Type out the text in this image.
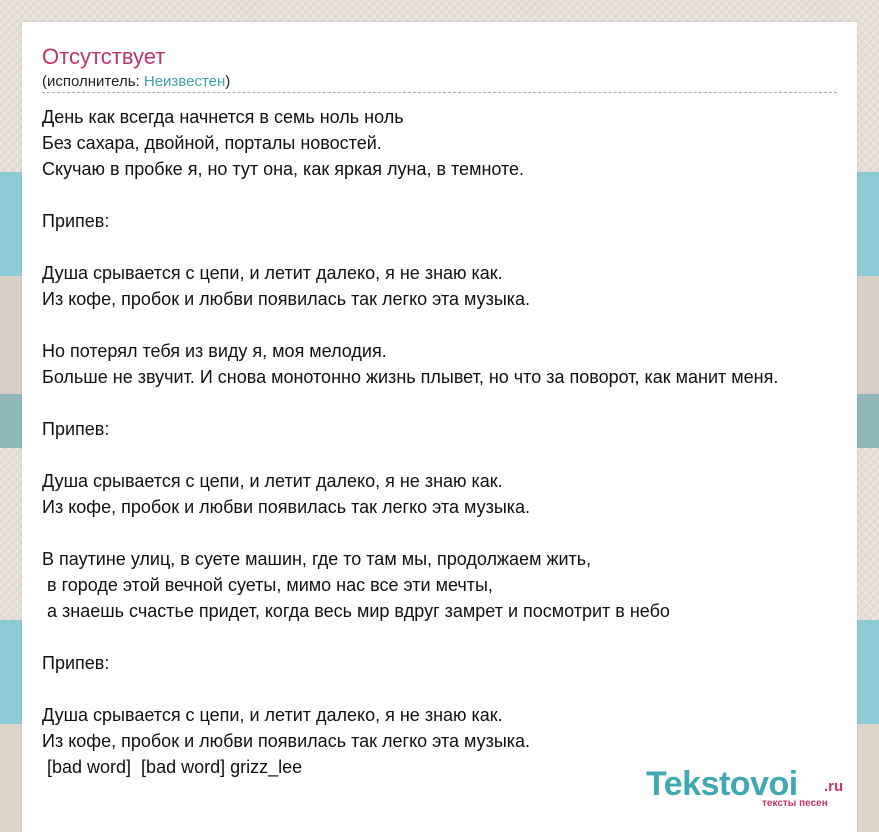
Отсутствует
(исполнитель: Неизвестен)
День как всегда начнется в семь ноль ноль
Без сахара, двойной, порталы новостей.
Скучаю в пробке я, но тут она, как яркая луна, в темноте.
Припев:
Душа срывается с цепи, и летит далеко, я не знаю как.
Из кофе, пробок и любви появилась так легко эта музыка.
Но потерял тебя из виду я, моя мелодия.
Больше не звучит. И снова монотонно жизнь плывет, но что за поворот, как манит меня.
Припев:
Душа срывается с цепи, и летит далеко, я не знаю как.
Из кофе, пробок и любви появилась так легко эта музыка.
В паутине улиц, в суете машин, где то там мы, продолжаем жить,
в городе этой вечной суеты, мимо нас все эти мечты,
а знаешь счастье придет, когда весь мир вдруг замрет и посмотрит в небо
Припев:
Душа срывается с цепи, и летит далеко, я не знаю как.
Из кофе, пробок и любви появилась так легко эта музыка.
[bad word]  [bad word] grizz_lee	Tekstovoi .ru
тексты песен
